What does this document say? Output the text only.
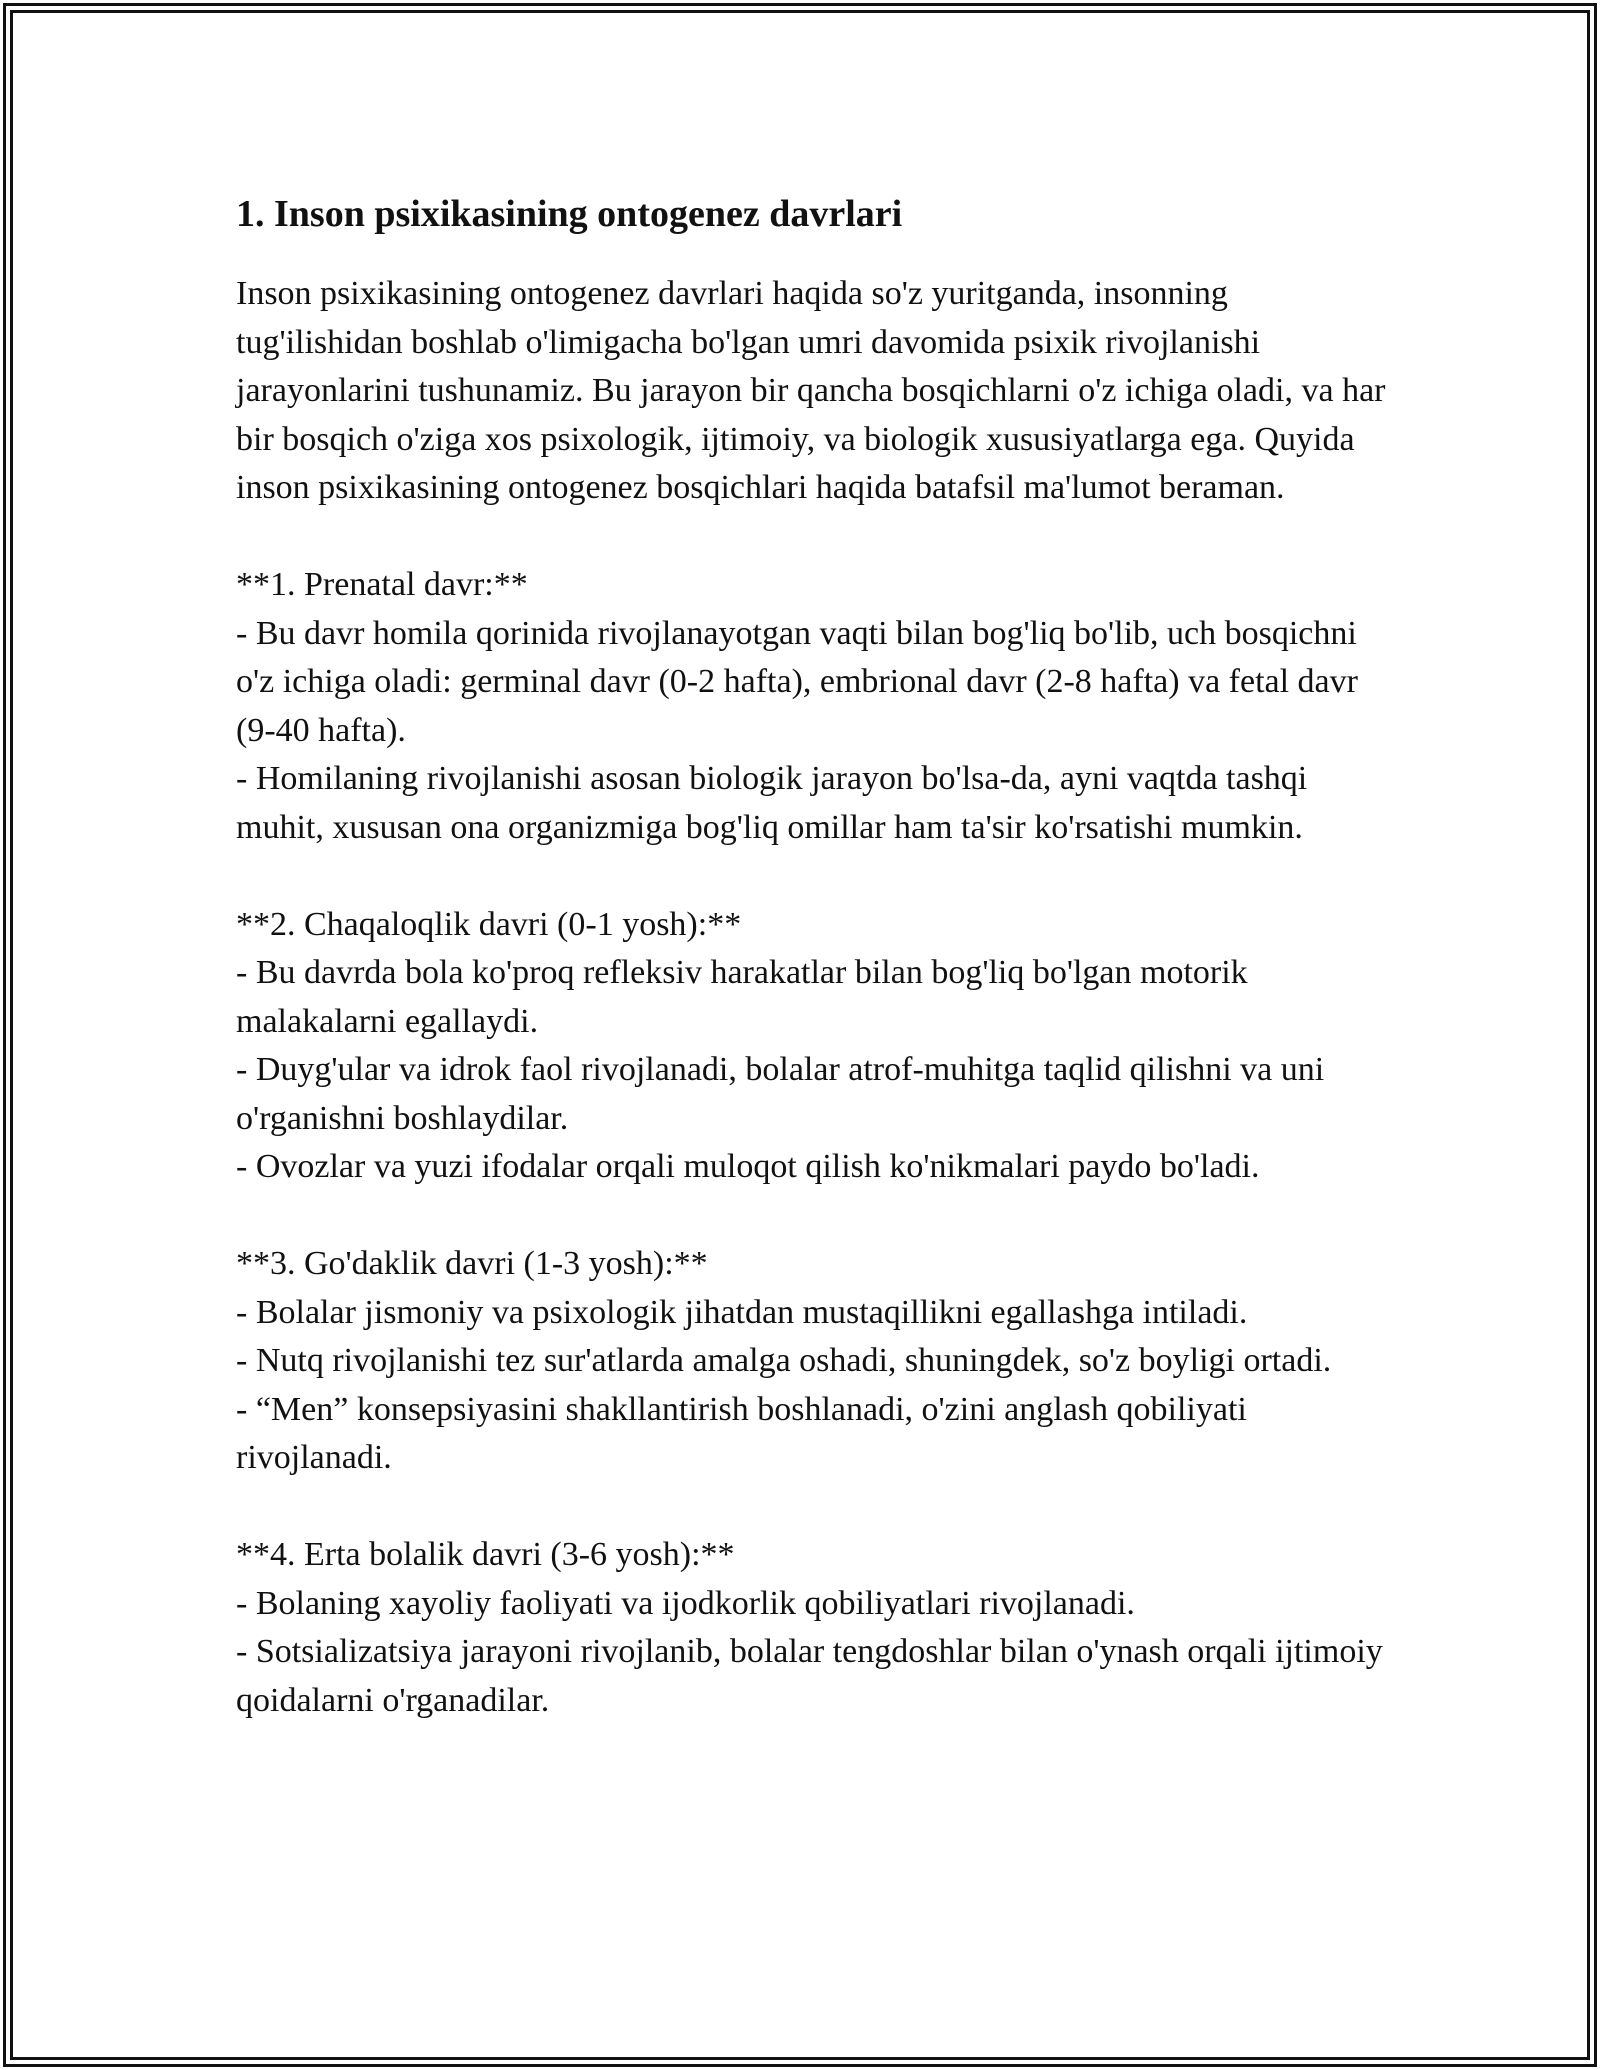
1. Inson psixikasining ontogenez davrlari

Inson psixikasining ontogenez davrlari haqida so'z yuritganda, insonning tug'ilishidan boshlab o'limigacha bo'lgan umri davomida psixik rivojlanishi jarayonlarini tushunamiz. Bu jarayon bir qancha bosqichlarni o'z ichiga oladi, va har bir bosqich o'ziga xos psixologik, ijtimoiy, va biologik xususiyatlarga ega. Quyida inson psixikasining ontogenez bosqichlari haqida batafsil ma'lumot beraman.

**1. Prenatal davr:**

- Bu davr homila qorinida rivojlanayotgan vaqti bilan bog'liq bo'lib, uch bosqichni o'z ichiga oladi: germinal davr (0-2 hafta), embrional davr (2-8 hafta) va fetal davr (9-40 hafta).

- Homilaning rivojlanishi asosan biologik jarayon bo'lsa-da, ayni vaqtda tashqi muhit, xususan ona organizmiga bog'liq omillar ham ta'sir ko'rsatishi mumkin.

**2. Chaqaloqlik davri (0-1 yosh):**

- Bu davrda bola ko'proq refleksiv harakatlar bilan bog'liq bo'lgan motorik malakalarni egallaydi.

- Duyg'ular va idrok faol rivojlanadi, bolalar atrof-muhitga taqlid qilishni va uni o'rganishni boshlaydilar.

- Ovozlar va yuzi ifodalar orqali muloqot qilish ko'nikmalari paydo bo'ladi.

**3. Go'daklik davri (1-3 yosh):**

- Bolalar jismoniy va psixologik jihatdan mustaqillikni egallashga intiladi.

- Nutq rivojlanishi tez sur'atlarda amalga oshadi, shuningdek, so'z boyligi ortadi.

- “Men” konsepsiyasini shakllantirish boshlanadi, o'zini anglash qobiliyati rivojlanadi.

**4. Erta bolalik davri (3-6 yosh):**

- Bolaning xayoliy faoliyati va ijodkorlik qobiliyatlari rivojlanadi.

- Sotsializatsiya jarayoni rivojlanib, bolalar tengdoshlar bilan o'ynash orqali ijtimoiy qoidalarni o'rganadilar.
